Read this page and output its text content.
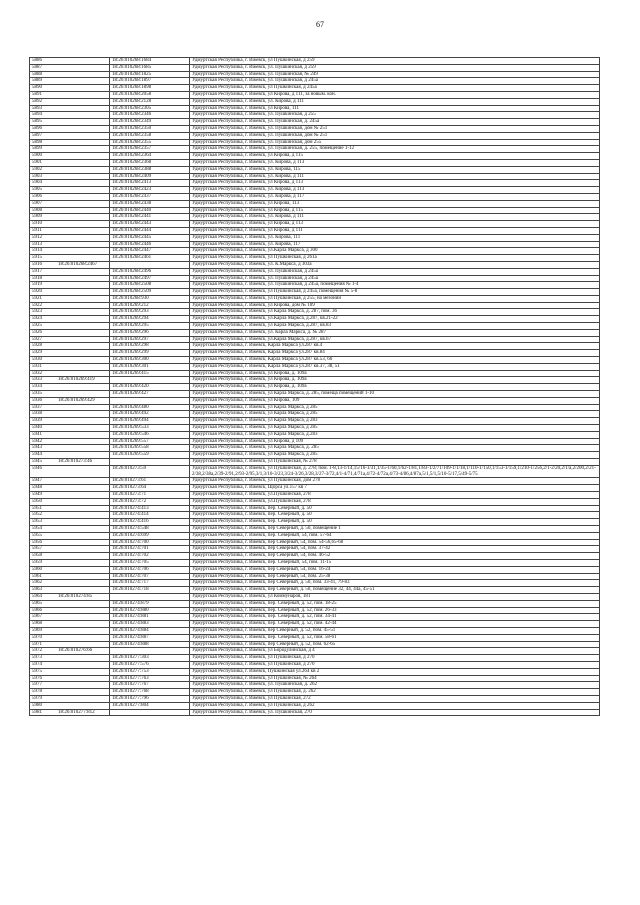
67
5886	18:26:010268:1684	Удмуртская Республика, г. Ижевск, ул Пушкинская, д 259
5887	18:26:010268:1685	Удмуртская Республика, г. Ижевск, ул. Пушкинская, д 259
5888	18:26:010268:1825	Удмуртская Республика, г. Ижевск, ул. Пушкинская, № 249
5889	18:26:010268:1897	Удмуртская Республика, г. Ижевск, ул. Пушкинская, д 245а
5890	18:26:010268:1898	Удмуртская Республика, г. Ижевск, ул Пушкинская, д 245а
5891	18:26:010268:2058	Удмуртская Республика, г. Ижевск, ул Кирова, д 111, за новым. кон.
5892	18:26:010268:2128	Удмуртская Республика, г. Ижевск, ул. Кирова, д 111
5893	18:26:010268:2305	Удмуртская Республика, г. Ижевск, ул Кирова, 111
5894	18:26:010268:2346	Удмуртская Республика, г. Ижевск, ул. Пушкинская, д 255
5895	18:26:010268:2349	Удмуртская Республика, г. Ижевск, ул. Пушкинская, д. 245а
5896	18:26:010268:2350	Удмуртская Республика, г. Ижевск, ул. Пушкинская, дом № 251
5897	18:26:010268:2358	Удмуртская Республика, г. Ижевск, ул. Пушкинская, дом № 251
5898	18:26:010268:2355	Удмуртская Республика, г. Ижевск, ул. Пушкинская, дом 255
5899	18:26:010268:2357	Удмуртская Республика, г. Ижевск, ул. Пушкинская, д. 255, помещение 1-12
5900	18:26:010268:2364	Удмуртская Республика, г. Ижевск, ул Кирова, д 115
5901	18:26:010268:2368	Удмуртская Республика, г. Ижевск, ул. Кирова, д 113
5902	18:26:010268:2388	Удмуртская Республика, г. Ижевск, ул. Кирова, 115
5903	18:26:010268:2409	Удмуртская Республика, г. Ижевск, ул. Кирова, д 111
5904	18:26:010268:2413	Удмуртская Республика, г. Ижевск, ул Кирова, д 113
5905	18:26:010268:2423	Удмуртская Республика, г. Ижевск, ул. Кирова, д 113
5906	18:26:010268:2437	Удмуртская Республика, г. Ижевск, ул. Кирова, д 117
5907	18:26:010268:2438	Удмуртская Республика, г. Ижевск, ул Кирова, 113
5908	18:26:010268:2440	Удмуртская Республика, г. Ижевск, ул Кирова, д 115
5909	18:26:010268:2441	Удмуртская Республика, г. Ижевск, ул. Кирова, д 111
5910	18:26:010268:2443	Удмуртская Республика, г. Ижевск, ул Кирова, д 113
5911	18:26:010268:2444	Удмуртская Республика, г. Ижевск, ул Кирова, д 111
5912	18:26:010268:2445	Удмуртская Республика, г. Ижевск, ул. Кирова, 111
5913	18:26:010268:2446	Удмуртская Республика, г. Ижевск, ул. Кирова, 117
5914	18:26:010268:2447	Удмуртская Республика, г. Ижевск, ул.Карла Маркса, д 300
5915	18:26:010268:2461	Удмуртская Республика, г. Ижевск, ул Пушкинская, д 261а
5916 18:26:010268:2467		Удмуртская Республика, г. Ижевск, ул. К.Маркса, д 303а
5917	18:26:010268:2496	Удмуртская Республика, г. Ижевск, ул. Пушкинская, д 245а
5918	18:26:010268:2497	Удмуртская Республика, г. Ижевск, ул. Пушкинская, д 245а
5919	18:26:010268:2508	Удмуртская Республика, г. Ижевск, ул. Пушкинская, д 245а, помещения № 1-4
5920	18:26:010268:2509	Удмуртская Республика, г. Ижевск, ул Пушкинская, д 245а, помещения № 5-8
5921	18:26:010268:930	Удмуртская Республика, г. Ижевск, ул Пушкинская, д 255, на мезонин
5922	18:26:010269:212	Удмуртская Республика, г. Ижевск, ул Кирова, дом № 109
5923	18:26:010269:293	Удмуртская Республика, г. Ижевск, ул Карла Маркса, д. 287, пом. 36
5924	18:26:010269:294	Удмуртская Республика, г. Ижевск, ул.Карла Маркса, д.287, кв.21-22
5925	18:26:010269:295	Удмуртская Республика, г. Ижевск, ул Карла Маркса, д.287, кв.83
5926	18:26:010269:296	Удмуртская Республика, г. Ижевск, ул. Карла Маркса, д. № 287
5927	18:26:010269:297	Удмуртская Республика, г. Ижевск, ул.Карла Маркса, д.287, кв.67
5928	18:26:010269:298	Удмуртская Республика, г. Ижевск, Карла Маркса ул.287 кв.4
5929	18:26:010269:299	Удмуртская Республика, г. Ижевск, Карла Маркса ул.287 кв.84
5930	18:26:010269:300	Удмуртская Республика, г. Ижевск, Карла Маркса ул.287 кв.53, 66
5931	18:26:010269:301	Удмуртская Республика, г. Ижевск, Карла Маркса ул.287 кв.37, 38, 51
5932	18:26:010269:415	Удмуртская Республика, г. Ижевск, ул Кирова, д. 109а
5933 18:26:010269:419		Удмуртская Республика, г. Ижевск, ул Кирова, д. 109а
5934	18:26:010269:420	Удмуртская Республика, г. Ижевск, ул Кирова, д. 109а
5935	18:26:010269:427	Удмуртская Республика, г. Ижевск, ул Карла Маркса, д. 285, помеща помещений 1-10
5936 18:26:010269:429		Удмуртская Республика, г. Ижевск, ул Кирова, 109
5937	18:26:010269:480	Удмуртская Республика, г. Ижевск, ул Карла Маркса, д 285
5938	18:26:010269:492	Удмуртская Республика, г. Ижевск, ул Карла Маркса, д 285
5939	18:26:010269:494	Удмуртская Республика, г. Ижевск, ул Карла Маркса, д 283
5940	18:26:010269:533	Удмуртская Республика, г. Ижевск, ул Карла Маркса, д 285
5941	18:26:010269:546	Удмуртская Республика, г. Ижевск, ул Карла Маркса, д.283
5942	18:26:010269:557	Удмуртская Республика, г. Ижевск, ул Кирова, д 109
5943	18:26:010269:558	Удмуртская Республика, г. Ижевск, ул Карла Маркса, д. 285
5944	18:26:010269:559	Удмуртская Республика, г. Ижевск, ул Карла Маркса, д 285
5945 18:26:010273:46		Удмуртская Республика, г. Ижевск, ул Пушкинская, № 278
5946	18:26:010273:59	Удмуртская Республика, г. Ижевск, ул Пушкинская, д. 278; пом. 1-8,13-1/14,15/16-1/31,1/35-1/60,1/62-1/81,1/83-1/2/71/109-1/1/18,1/110-1/150,1/153-1/159,1/210-1/256,2/1-2/20,2/1/а,2/200,2/21-2/38,2/38а,2/39-2/91,2/93-2/95,3/1,3/10-3/23,3/24-3/26,3/28,3/27-3/72,4/1-4/71,4/71а,4/72-4/72а,4/73-4/86,4/87а,5/1,5/1,5/10-5/17,5/49-5/75
5947	18:26:010273:61	Удмуртская Республика, г. Ижевск, ул Пушкинская, дом 278
5948	18:26:010273:64	Удмуртская Республика, г. Ижевск, Щорса ул.157 кв 7
5949	18:26:010273:71	Удмуртская Республика, г. Ижевск, ул.Пушкинская, 278
5950	18:26:010273:72	Удмуртская Республика, г. Ижевск, ул.Пушкинская, 278
5951	18:26:010274:413	Удмуртская Республика, г. Ижевск, пер. Северный, д. 50
5952	18:26:010274:414	Удмуртская Республика, г. Ижевск, пер. Северный, д. 50
5953	18:26:010274:416	Удмуртская Республика, г. Ижевск, пер. Северный, д. 50
5954	18:26:010274:548	Удмуртская Республика, г. Ижевск, пер Северный, д. 50, помещение 1
5955	18:26:010274:699	Удмуртская Республика, г. Ижевск, пер. Северный, 54, пом. 57-64
5956	18:26:010274:700	Удмуртская Республика, г. Ижевск, пер Северный, 54, пом. 54-56,65-68
5957	18:26:010274:701	Удмуртская Республика, г. Ижевск, пер Северный, 54, пом. 37-42
5958	18:26:010274:702	Удмуртская Республика, г. Ижевск, пер Северный, 54, пом. 46-52
5959	18:26:010274:705	Удмуртская Республика, г. Ижевск, пер. Северный, 54, пом. 11-15
5960	18:26:010274:706	Удмуртская Республика, г. Ижевск, пер Северный, 54, пом. 16-24
5961	18:26:010274:707	Удмуртская Республика, г. Ижевск, пер Северный, 54, пом. 25-38
5962	18:26:010274:717	Удмуртская Республика, г. Ижевск, пер Северный, д. 50, пом. 33-41, 79-83
5963	18:26:010274:718	Удмуртская Республика, г. Ижевск, пер Северный, д. 50, помещение 32, 44, 44а, 45-51
5964 18:26:010274:85		Удмуртская Республика, г. Ижевск, ул Коммунаров, 181
5965	18:26:010274:879	Удмуртская Республика, г. Ижевск, пер. Северный, д. 52, пом. 18-25
5966	18:26:010274:880	Удмуртская Республика, г. Ижевск, пер. Северный, д. 52, пом. 26-33
5967	18:26:010274:881	Удмуртская Республика, г. Ижевск, пер. Северный, д. 52, пом. 34-41
5968	18:26:010274:883	Удмуртская Республика, г. Ижевск, пер. Северный, д. 52, пом. 42-44
5969	18:26:010274:884	Удмуртская Республика, г. Ижевск, пер Северный, д. 52, пом. 45-51
5970	18:26:010274:887	Удмуртская Республика, г. Ижевск, пер. Северный, д. 52, пом. 58-61
5971	18:26:010274:888	Удмуртская Республика, г. Ижевск, пер Северный, д. 52, пом. 62-65
5972 18:26:010276:66		Удмуртская Республика, г. Ижевск, ул Бородулинская, д 4
5973	18:26:010277:303	Удмуртская Республика, г. Ижевск, ул Пушкинская, д 270
5974	18:26:010277:576	Удмуртская Республика, г. Ижевск, ул Пушкинская, д 270
5975	18:26:010277:753	Удмуртская Республика, г. Ижевск, Пушкинская ул.264 кв 2
5976	18:26:010277:763	Удмуртская Республика, г. Ижевск, ул Пушкинская, № 264
5977	18:26:010277:767	Удмуртская Республика, г. Ижевск, ул. Пушкинская, д. 262
5978	18:26:010277:768	Удмуртская Республика, г. Ижевск, ул Пушкинская, д. 262
5979	18:26:010277:796	Удмуртская Республика, г. Ижевск, ул Пушкинская, 272
5980	18:26:010277:804	Удмуртская Республика, г. Ижевск, ул Пушкинская, д 262
5981 18:26:010277:812		Удмуртская Республика, г. Ижевск, ул. Пушкинская, 270
